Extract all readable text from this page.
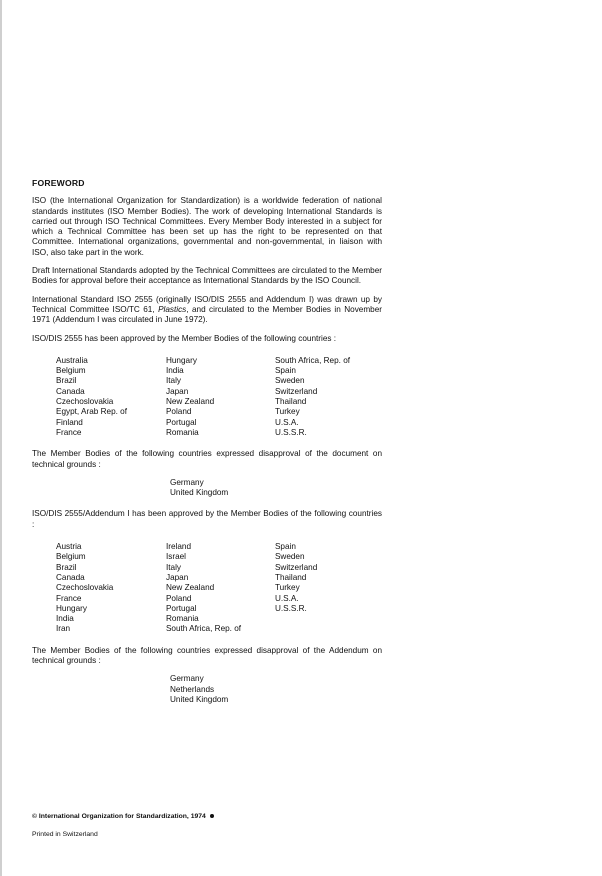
FOREWORD

ISO (the International Organization for Standardization) is a worldwide federation of national standards institutes (ISO Member Bodies). The work of developing International Standards is carried out through ISO Technical Committees. Every Member Body interested in a subject for which a Technical Committee has been set up has the right to be represented on that Committee. International organizations, governmental and non-governmental, in liaison with ISO, also take part in the work.

Draft International Standards adopted by the Technical Committees are circulated to the Member Bodies for approval before their acceptance as International Standards by the ISO Council.

International Standard ISO 2555 (originally ISO/DIS 2555 and Addendum I) was drawn up by Technical Committee ISO/TC 61, Plastics, and circulated to the Member Bodies in November 1971 (Addendum I was circulated in June 1972).

ISO/DIS 2555 has been approved by the Member Bodies of the following countries :

Australia
Belgium
Brazil
Canada
Czechoslovakia
Egypt, Arab Rep. of
Finland
France
Hungary
India
Italy
Japan
New Zealand
Poland
Portugal
Romania
South Africa, Rep. of
Spain
Sweden
Switzerland
Thailand
Turkey
U.S.A.
U.S.S.R.

The Member Bodies of the following countries expressed disapproval of the document on technical grounds :

Germany
United Kingdom

ISO/DIS 2555/Addendum I has been approved by the Member Bodies of the following countries :

Austria
Belgium
Brazil
Canada
Czechoslovakia
France
Hungary
India
Iran
Ireland
Israel
Italy
Japan
New Zealand
Poland
Portugal
Romania
South Africa, Rep. of
Spain
Sweden
Switzerland
Thailand
Turkey
U.S.A.
U.S.S.R.

The Member Bodies of the following countries expressed disapproval of the Addendum on technical grounds :

Germany
Netherlands
United Kingdom
© International Organization for Standardization, 1974
Printed in Switzerland
